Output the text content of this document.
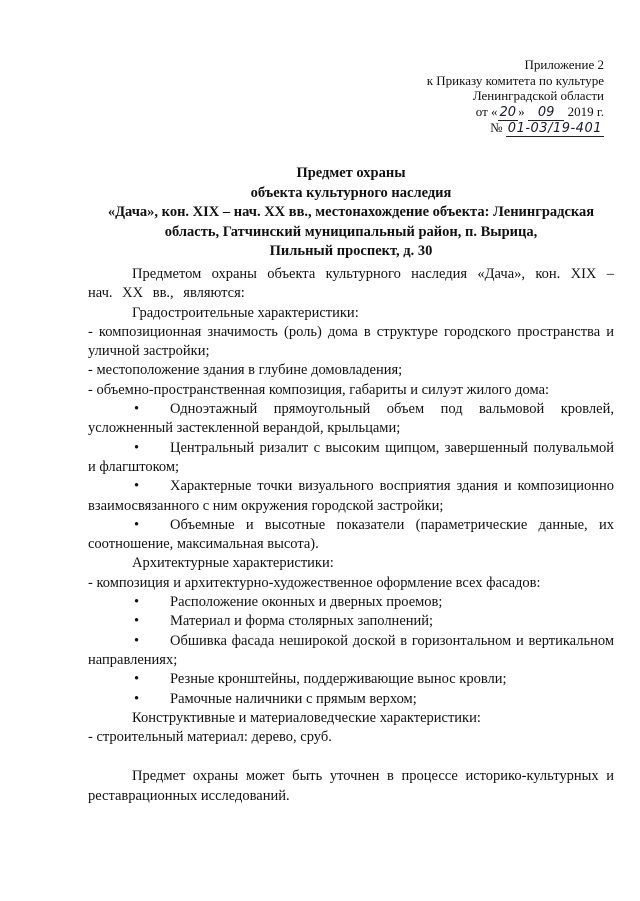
Приложение 2
к Приказу комитета по культуре
Ленинградской области
от « 20 » 09 2019 г.
№ 01-03/19-401
Предмет охраны
объекта культурного наследия
«Дача», кон. XIX – нач. XX вв., местонахождение объекта: Ленинградская
область, Гатчинский муниципальный район, п. Вырица,
Пильный проспект, д. 30

Предметом охраны объекта культурного наследия «Дача», кон. XIX – нач. XX вв., являются:

Градостроительные характеристики:

- композиционная значимость (роль) дома в структуре городского пространства и уличной застройки;

- местоположение здания в глубине домовладения;

- объемно-пространственная композиция, габариты и силуэт жилого дома:

•	Одноэтажный прямоугольный объем под вальмовой кровлей, усложненный застекленной верандой, крыльцами;
•	Центральный ризалит с высоким щипцом, завершенный полувальмой и флагштоком;
•	Характерные точки визуального восприятия здания и композиционно взаимосвязанного с ним окружения городской застройки;
•	Объемные и высотные показатели (параметрические данные, их соотношение, максимальная высота).

Архитектурные характеристики:

- композиция и архитектурно-художественное оформление всех фасадов:

•	Расположение оконных и дверных проемов;
•	Материал и форма столярных заполнений;
•	Обшивка фасада неширокой доской в горизонтальном и вертикальном направлениях;
•	Резные кронштейны, поддерживающие вынос кровли;
•	Рамочные наличники с прямым верхом;

Конструктивные и материаловедческие характеристики:

- строительный материал: дерево, сруб.

Предмет охраны может быть уточнен в процессе историко-культурных и реставрационных исследований.
